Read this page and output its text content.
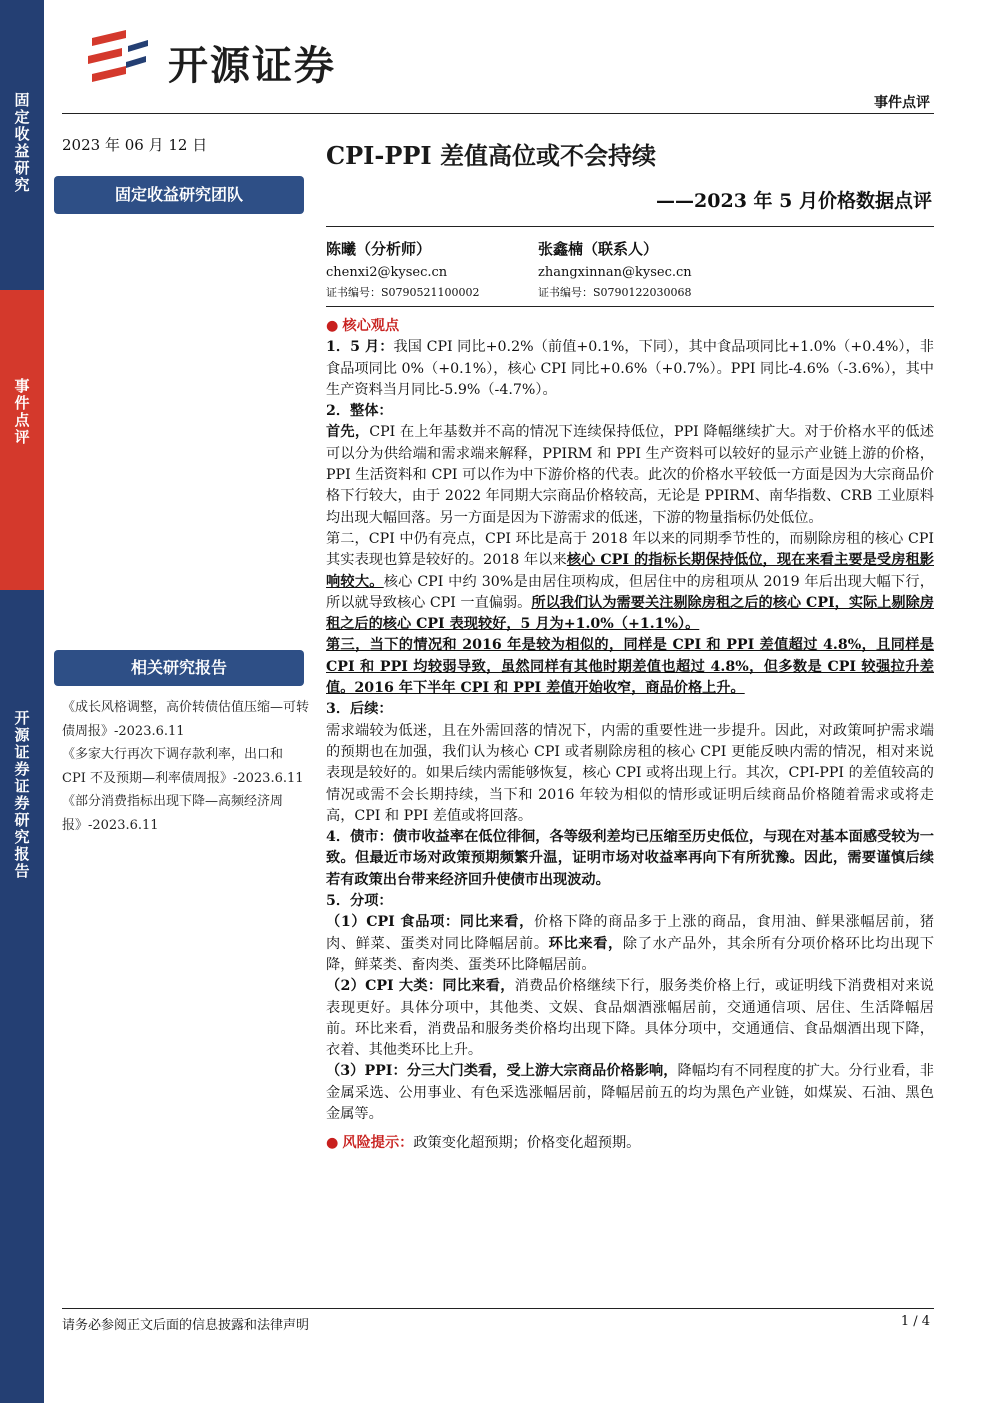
固定收益研究
事件点评
开源证券 证券研究报告
开源证券
事件点评
2023 年 06 月 12 日
固定收益研究团队
相关研究报告

《成长风格调整，高价转债估值压缩—可转债周报》-2023.6.11

《多家大行再次下调存款利率，出口和 CPI 不及预期—利率债周报》-2023.6.11

《部分消费指标出现下降—高频经济周报》-2023.6.11

CPI-PPI 差值高位或不会持续
——2023 年 5 月价格数据点评
陈曦（分析师）
chenxi2@kysec.cn
证书编号：S0790521100002
张鑫楠（联系人）
zhangxinnan@kysec.cn
证书编号：S0790122030068

● 核心观点

1．5 月：我国 CPI 同比+0.2%（前值+0.1%，下同），其中食品项同比+1.0%（+0.4%），非食品项同比 0%（+0.1%），核心 CPI 同比+0.6%（+0.7%）。PPI 同比-4.6%（-3.6%），其中生产资料当月同比-5.9%（-4.7%）。

2．整体：

首先，CPI 在上年基数并不高的情况下连续保持低位，PPI 降幅继续扩大。对于价格水平的低述可以分为供给端和需求端来解释，PPIRM 和 PPI 生产资料可以较好的显示产业链上游的价格，PPI 生活资料和 CPI 可以作为中下游价格的代表。此次的价格水平较低一方面是因为大宗商品价格下行较大，由于 2022 年同期大宗商品价格较高，无论是 PPIRM、南华指数、CRB 工业原料均出现大幅回落。另一方面是因为下游需求的低迷，下游的物量指标仍处低位。

第二，CPI 中仍有亮点，CPI 环比是高于 2018 年以来的同期季节性的，而剔除房租的核心 CPI 其实表现也算是较好的。2018 年以来核心 CPI 的指标长期保持低位，现在来看主要是受房租影响较大。核心 CPI 中约 30%是由居住项构成，但居住中的房租项从 2019 年后出现大幅下行，所以就导致核心 CPI 一直偏弱。所以我们认为需要关注剔除房租之后的核心 CPI，实际上剔除房租之后的核心 CPI 表现较好，5 月为+1.0%（+1.1%）。

第三，当下的情况和 2016 年是较为相似的，同样是 CPI 和 PPI 差值超过 4.8%，且同样是 CPI 和 PPI 均较弱导致，虽然同样有其他时期差值也超过 4.8%，但多数是 CPI 较强拉升差值。2016 年下半年 CPI 和 PPI 差值开始收窄，商品价格上升。

3．后续：

需求端较为低迷，且在外需回落的情况下，内需的重要性进一步提升。因此，对政策呵护需求端的预期也在加强，我们认为核心 CPI 或者剔除房租的核心 CPI 更能反映内需的情况，相对来说表现是较好的。如果后续内需能够恢复，核心 CPI 或将出现上行。其次，CPI-PPI 的差值较高的情况或需不会长期持续，当下和 2016 年较为相似的情形或证明后续商品价格随着需求或将走高，CPI 和 PPI 差值或将回落。

4．债市：债市收益率在低位徘徊，各等级利差均已压缩至历史低位，与现在对基本面感受较为一致。但最近市场对政策预期频繁升温，证明市场对收益率再向下有所犹豫。因此，需要谨慎后续若有政策出台带来经济回升使债市出现波动。

5．分项：

（1）CPI 食品项：同比来看，价格下降的商品多于上涨的商品，食用油、鲜果涨幅居前，猪肉、鲜菜、蛋类对同比降幅居前。环比来看，除了水产品外，其余所有分项价格环比均出现下降，鲜菜类、畜肉类、蛋类环比降幅居前。

（2）CPI 大类：同比来看，消费品价格继续下行，服务类价格上行，或证明线下消费相对来说表现更好。具体分项中，其他类、文娱、食品烟酒涨幅居前，交通通信项、居住、生活降幅居前。环比来看，消费品和服务类价格均出现下降。具体分项中，交通通信、食品烟酒出现下降，衣着、其他类环比上升。

（3）PPI：分三大门类看，受上游大宗商品价格影响，降幅均有不同程度的扩大。分行业看，非金属采选、公用事业、有色采选涨幅居前，降幅居前五的均为黑色产业链，如煤炭、石油、黑色金属等。

● 风险提示：政策变化超预期；价格变化超预期。

请务必参阅正文后面的信息披露和法律声明	1 / 4
